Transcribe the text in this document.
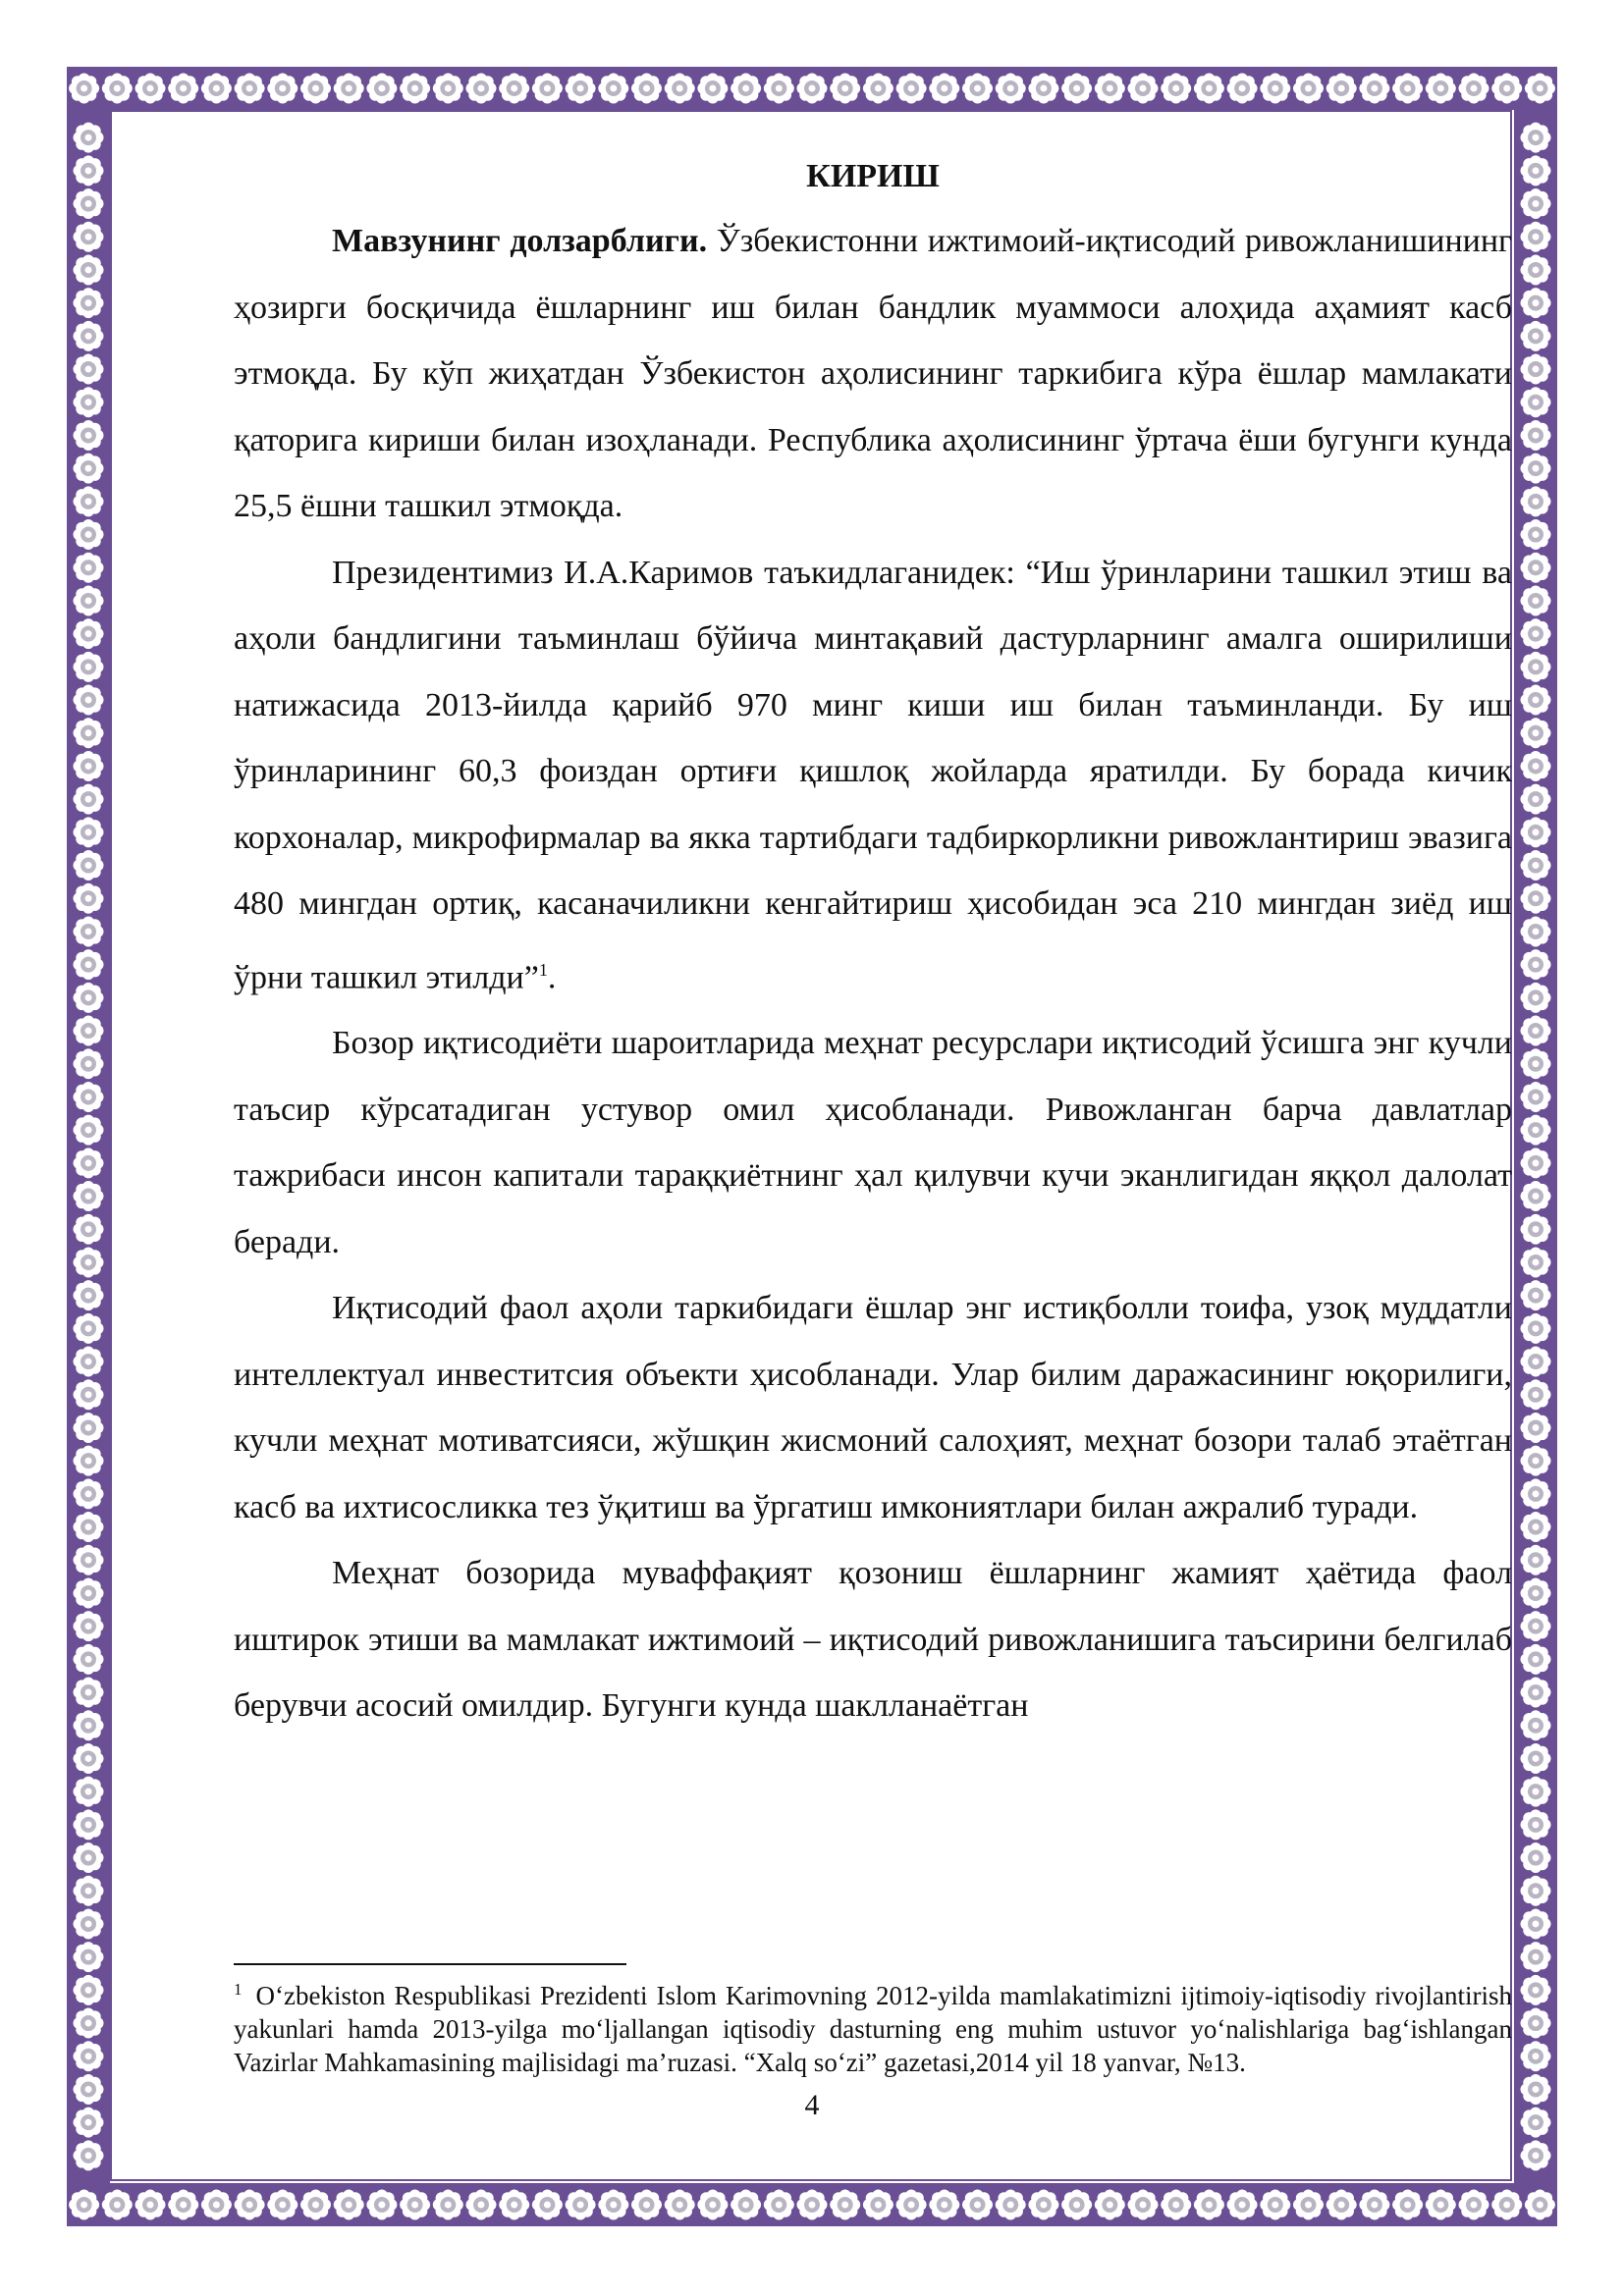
КИРИШ

Мавзунинг долзарблиги. Ўзбекистонни ижтимоий-иқтисодий ривожланишининг ҳозирги босқичида ёшларнинг иш билан бандлик муаммоси алоҳида аҳамият касб этмоқда. Бу кўп жиҳатдан Ўзбекистон аҳолисининг таркибига кўра ёшлар мамлакати қаторига кириши билан изоҳланади. Республика аҳолисининг ўртача ёши бугунги кунда 25,5 ёшни ташкил этмоқда.

Президентимиз И.А.Каримов таъкидлаганидек: “Иш ўринларини ташкил этиш ва аҳоли бандлигини таъминлаш бўйича минтақавий дастурларнинг амалга оширилиши натижасида 2013-йилда қарийб 970 минг киши иш билан таъминланди. Бу иш ўринларининг 60,3 фоиздан ортиғи қишлоқ жойларда яратилди. Бу борада кичик корхоналар, микрофирмалар ва якка тартибдаги тадбиркорликни ривожлантириш эвазига 480 мингдан ортиқ, касаначиликни кенгайтириш ҳисобидан эса 210 мингдан зиёд иш ўрни ташкил этилди”$^1$.

Бозор иқтисодиёти шароитларида меҳнат ресурслари иқтисодий ўсишга энг кучли таъсир кўрсатадиган устувор омил ҳисобланади. Ривожланган барча давлатлар тажрибаси инсон капитали тараққиётнинг ҳал қилувчи кучи эканлигидан яққол далолат беради.

Иқтисодий фаол аҳоли таркибидаги ёшлар энг истиқболли тоифа, узоқ муддатли интеллектуал инвеститсия объекти ҳисобланади. Улар билим даражасининг юқорилиги, кучли меҳнат мотиватсияси, жўшқин жисмоний салоҳият, меҳнат бозори талаб этаётган касб ва ихтисосликка тез ўқитиш ва ўргатиш имкониятлари билан ажралиб туради.

Меҳнат бозорида муваффақият қозониш ёшларнинг жамият ҳаётида фаол иштирок этиши ва мамлакат ижтимоий – иқтисодий ривожланишига таъсирини белгилаб берувчи асосий омилдир. Бугунги кунда шаклланаётган

$^1$ O‘zbekiston Respublikasi Prezidenti Islom Karimovning 2012-yilda mamlakatimizni ijtimoiy-iqtisodiy rivojlantirish yakunlari hamda 2013-yilga mo‘ljallangan iqtisodiy dasturning eng muhim ustuvor yo‘nalishlariga bag‘ishlangan Vazirlar Mahkamasining majlisidagi ma’ruzasi. “Xalq so‘zi” gazetasi,2014 yil 18 yanvar, №13.

4
